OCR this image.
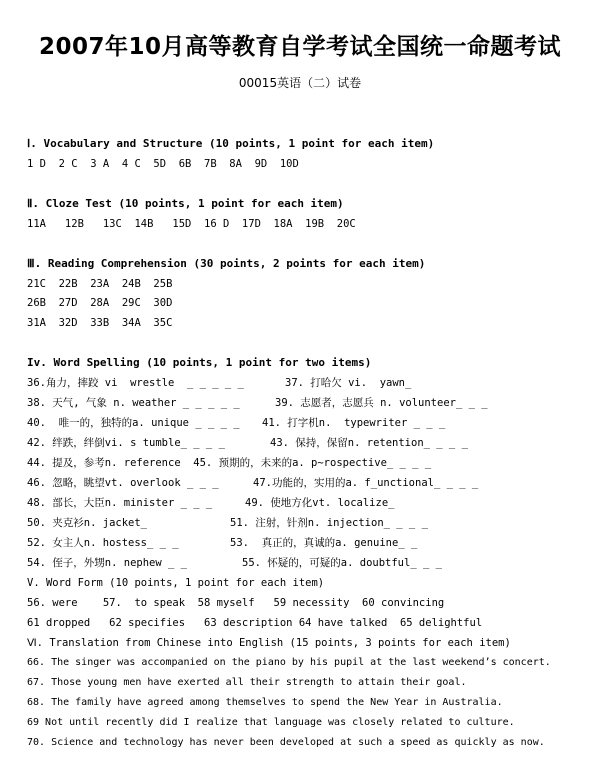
2007年10月高等教育自学考试全国统一命题考试
00015英语（二）试卷
Ⅰ. Vocabulary and Structure (10 points, 1 point for each item)
1 D  2 C  3 A  4 C  5D  6B  7B  8A  9D  10D
Ⅱ. Cloze Test (10 points, 1 point for each item)
11A   12B   13C  14B   15D  16 D  17D  18A  19B  20C
Ⅲ. Reading Comprehension (30 points, 2 points for each item)
21C  22B  23A  24B  25B
26B  27D  28A  29C  30D
31A  32D  33B  34A  35C
Iv. Word Spelling (10 points, 1 point for two items)
36.角力，摔跤 vi  wrestle  _ _ _ _ _	37. 打哈欠 vi.  yawn_
38. 天气, 气象 n. weather _ _ _ _ _	39. 志愿者，志愿兵 n. volunteer_ _ _
40.  唯一的，独特的a. unique _ _ _ _ 41. 打字机n.  typewriter _ _ _
42. 绊跌，绊倒vi. s tumble_ _ _ _	43. 保持，保留n. retention_ _ _ _
44. 提及，参考n. reference  45. 预期的，未来的a. p~rospective_ _ _ _
46. 忽略，眺望vt. overlook _ _ _	47.功能的，实用的a. f_unctional_ _ _ _
48. 部长，大臣n. minister _ _ _	49. 使地方化vt. localize_
50. 夹克衫n. jacket_	51. 注射，针剂n. injection_ _ _ _
52. 女主人n. hostess_ _ _	53.  真正的，真诚的a. genuine_ _
54. 侄子，外甥n. nephew _ _	55. 怀疑的，可疑的a. doubtful_ _ _
V. Word Form (10 points, 1 point for each item)
56. were    57.  to speak  58 myself   59 necessity  60 convincing
61 dropped   62 specifies   63 description 64 have talked  65 delightful
Ⅵ. Translation from Chinese into English (15 points, 3 points for each item)
66. The singer was accompanied on the piano by his pupil at the last weekend’s concert.
67. Those young men have exerted all their strength to attain their goal.
68. The family have agreed among themselves to spend the New Year in Australia.
69 Not until recently did I realize that language was closely related to culture.
70. Science and technology has never been developed at such a speed as quickly as now.
